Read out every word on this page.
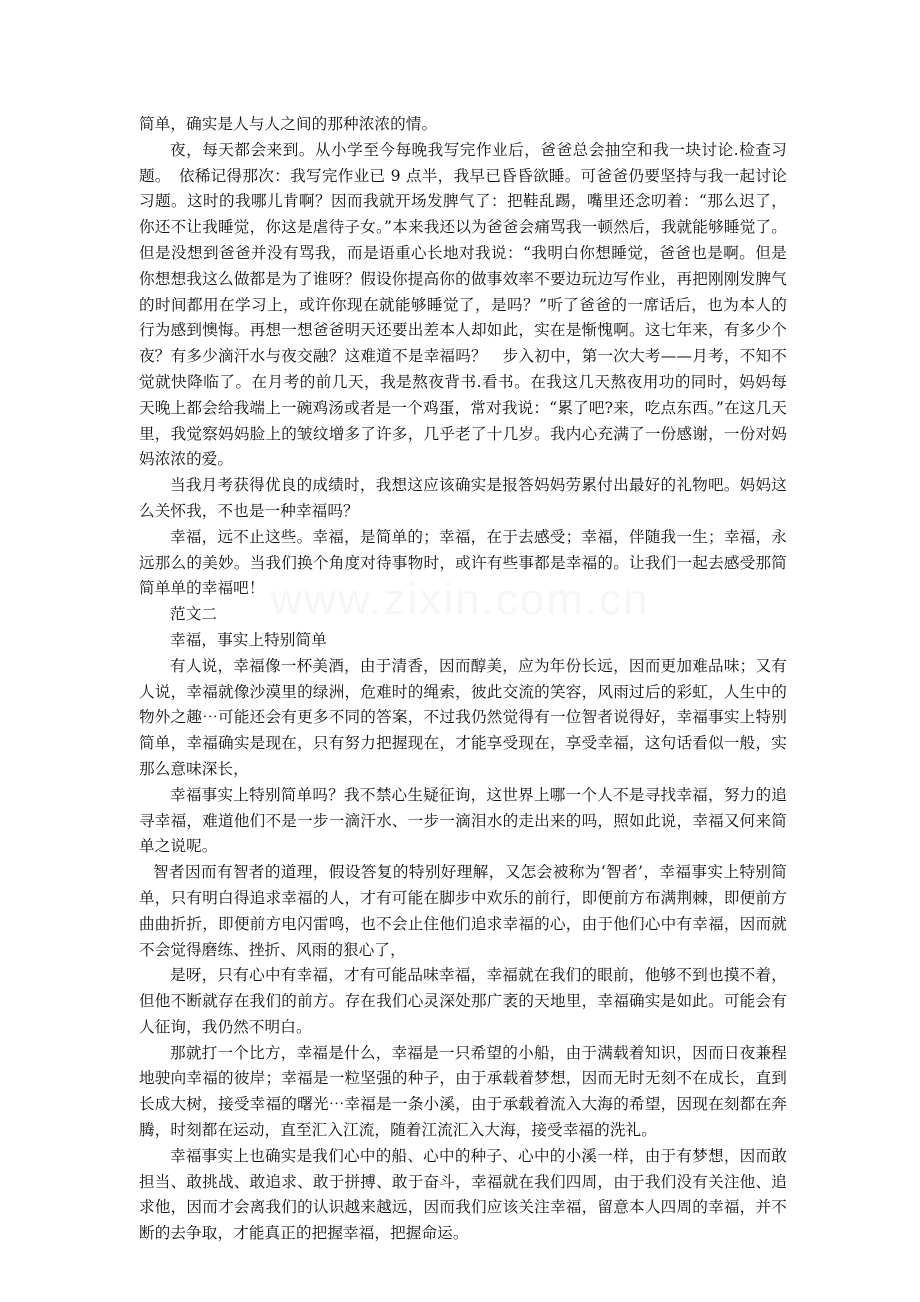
www.zixin.com.cn

简单，确实是人与人之间的那种浓浓的情。

夜，每天都会来到。从小学至今每晚我写完作业后，爸爸总会抽空和我一块讨论.检查习题。　依稀记得那次：我写完作业已 9 点半，我早已昏昏欲睡。可爸爸仍要坚持与我一起讨论习题。这时的我哪儿肯啊？因而我就开场发脾气了：把鞋乱踢，嘴里还念叨着：“那么迟了，你还不让我睡觉，你这是虐待子女。”本来我还以为爸爸会痛骂我一顿然后，我就能够睡觉了。但是没想到爸爸并没有骂我，而是语重心长地对我说：“我明白你想睡觉，爸爸也是啊。但是你想想我这么做都是为了谁呀？假设你提高你的做事效率不要边玩边写作业，再把刚刚发脾气的时间都用在学习上，或许你现在就能够睡觉了，是吗？”听了爸爸的一席话后，也为本人的行为感到懊悔。再想一想爸爸明天还要出差本人却如此，实在是惭愧啊。这七年来，有多少个夜？有多少滴汗水与夜交融？这难道不是幸福吗？　步入初中，第一次大考——月考，不知不觉就快降临了。在月考的前几天，我是熬夜背书.看书。在我这几天熬夜用功的同时，妈妈每天晚上都会给我端上一碗鸡汤或者是一个鸡蛋，常对我说：“累了吧?来，吃点东西。”在这几天里，我觉察妈妈脸上的皱纹增多了许多，几乎老了十几岁。我内心充满了一份感谢，一份对妈妈浓浓的爱。

当我月考获得优良的成绩时，我想这应该确实是报答妈妈劳累付出最好的礼物吧。妈妈这么关怀我，不也是一种幸福吗？

幸福，远不止这些。幸福，是简单的；幸福，在于去感受；幸福，伴随我一生；幸福，永远那么的美妙。当我们换个角度对待事物时，或许有些事都是幸福的。让我们一起去感受那简简单单的幸福吧！

范文二

幸福，事实上特别简单

有人说，幸福像一杯美酒，由于清香，因而醇美，应为年份长远，因而更加难品味；又有人说，幸福就像沙漠里的绿洲，危难时的绳索，彼此交流的笑容，风雨过后的彩虹，人生中的物外之趣⋯可能还会有更多不同的答案，不过我仍然觉得有一位智者说得好，幸福事实上特别简单，幸福确实是现在，只有努力把握现在，才能享受现在，享受幸福，这句话看似一般，实那么意味深长，

幸福事实上特别简单吗？我不禁心生疑征询，这世界上哪一个人不是寻找幸福，努力的追寻幸福，难道他们不是一步一滴汗水、一步一滴泪水的走出来的吗，照如此说，幸福又何来简单之说呢。

智者因而有智者的道理，假设答复的特别好理解，又怎会被称为‘智者’，幸福事实上特别简单，只有明白得追求幸福的人，才有可能在脚步中欢乐的前行，即便前方布满荆棘，即便前方曲曲折折，即便前方电闪雷鸣，也不会止住他们追求幸福的心，由于他们心中有幸福，因而就不会觉得磨练、挫折、风雨的狠心了，

是呀，只有心中有幸福，才有可能品味幸福，幸福就在我们的眼前，他够不到也摸不着，但他不断就存在我们的前方。存在我们心灵深处那广袤的天地里，幸福确实是如此。可能会有人征询，我仍然不明白。

那就打一个比方，幸福是什么，幸福是一只希望的小船，由于满载着知识，因而日夜兼程地驶向幸福的彼岸；幸福是一粒坚强的种子，由于承载着梦想，因而无时无刻不在成长，直到长成大树，接受幸福的曙光⋯幸福是一条小溪，由于承载着流入大海的希望，因现在刻都在奔腾，时刻都在运动，直至汇入江流，随着江流汇入大海，接受幸福的洗礼。

幸福事实上也确实是我们心中的船、心中的种子、心中的小溪一样，由于有梦想，因而敢担当、敢挑战、敢追求、敢于拼搏、敢于奋斗，幸福就在我们四周，由于我们没有关注他、追求他，因而才会离我们的认识越来越远，因而我们应该关注幸福，留意本人四周的幸福，并不断的去争取，才能真正的把握幸福，把握命运。
